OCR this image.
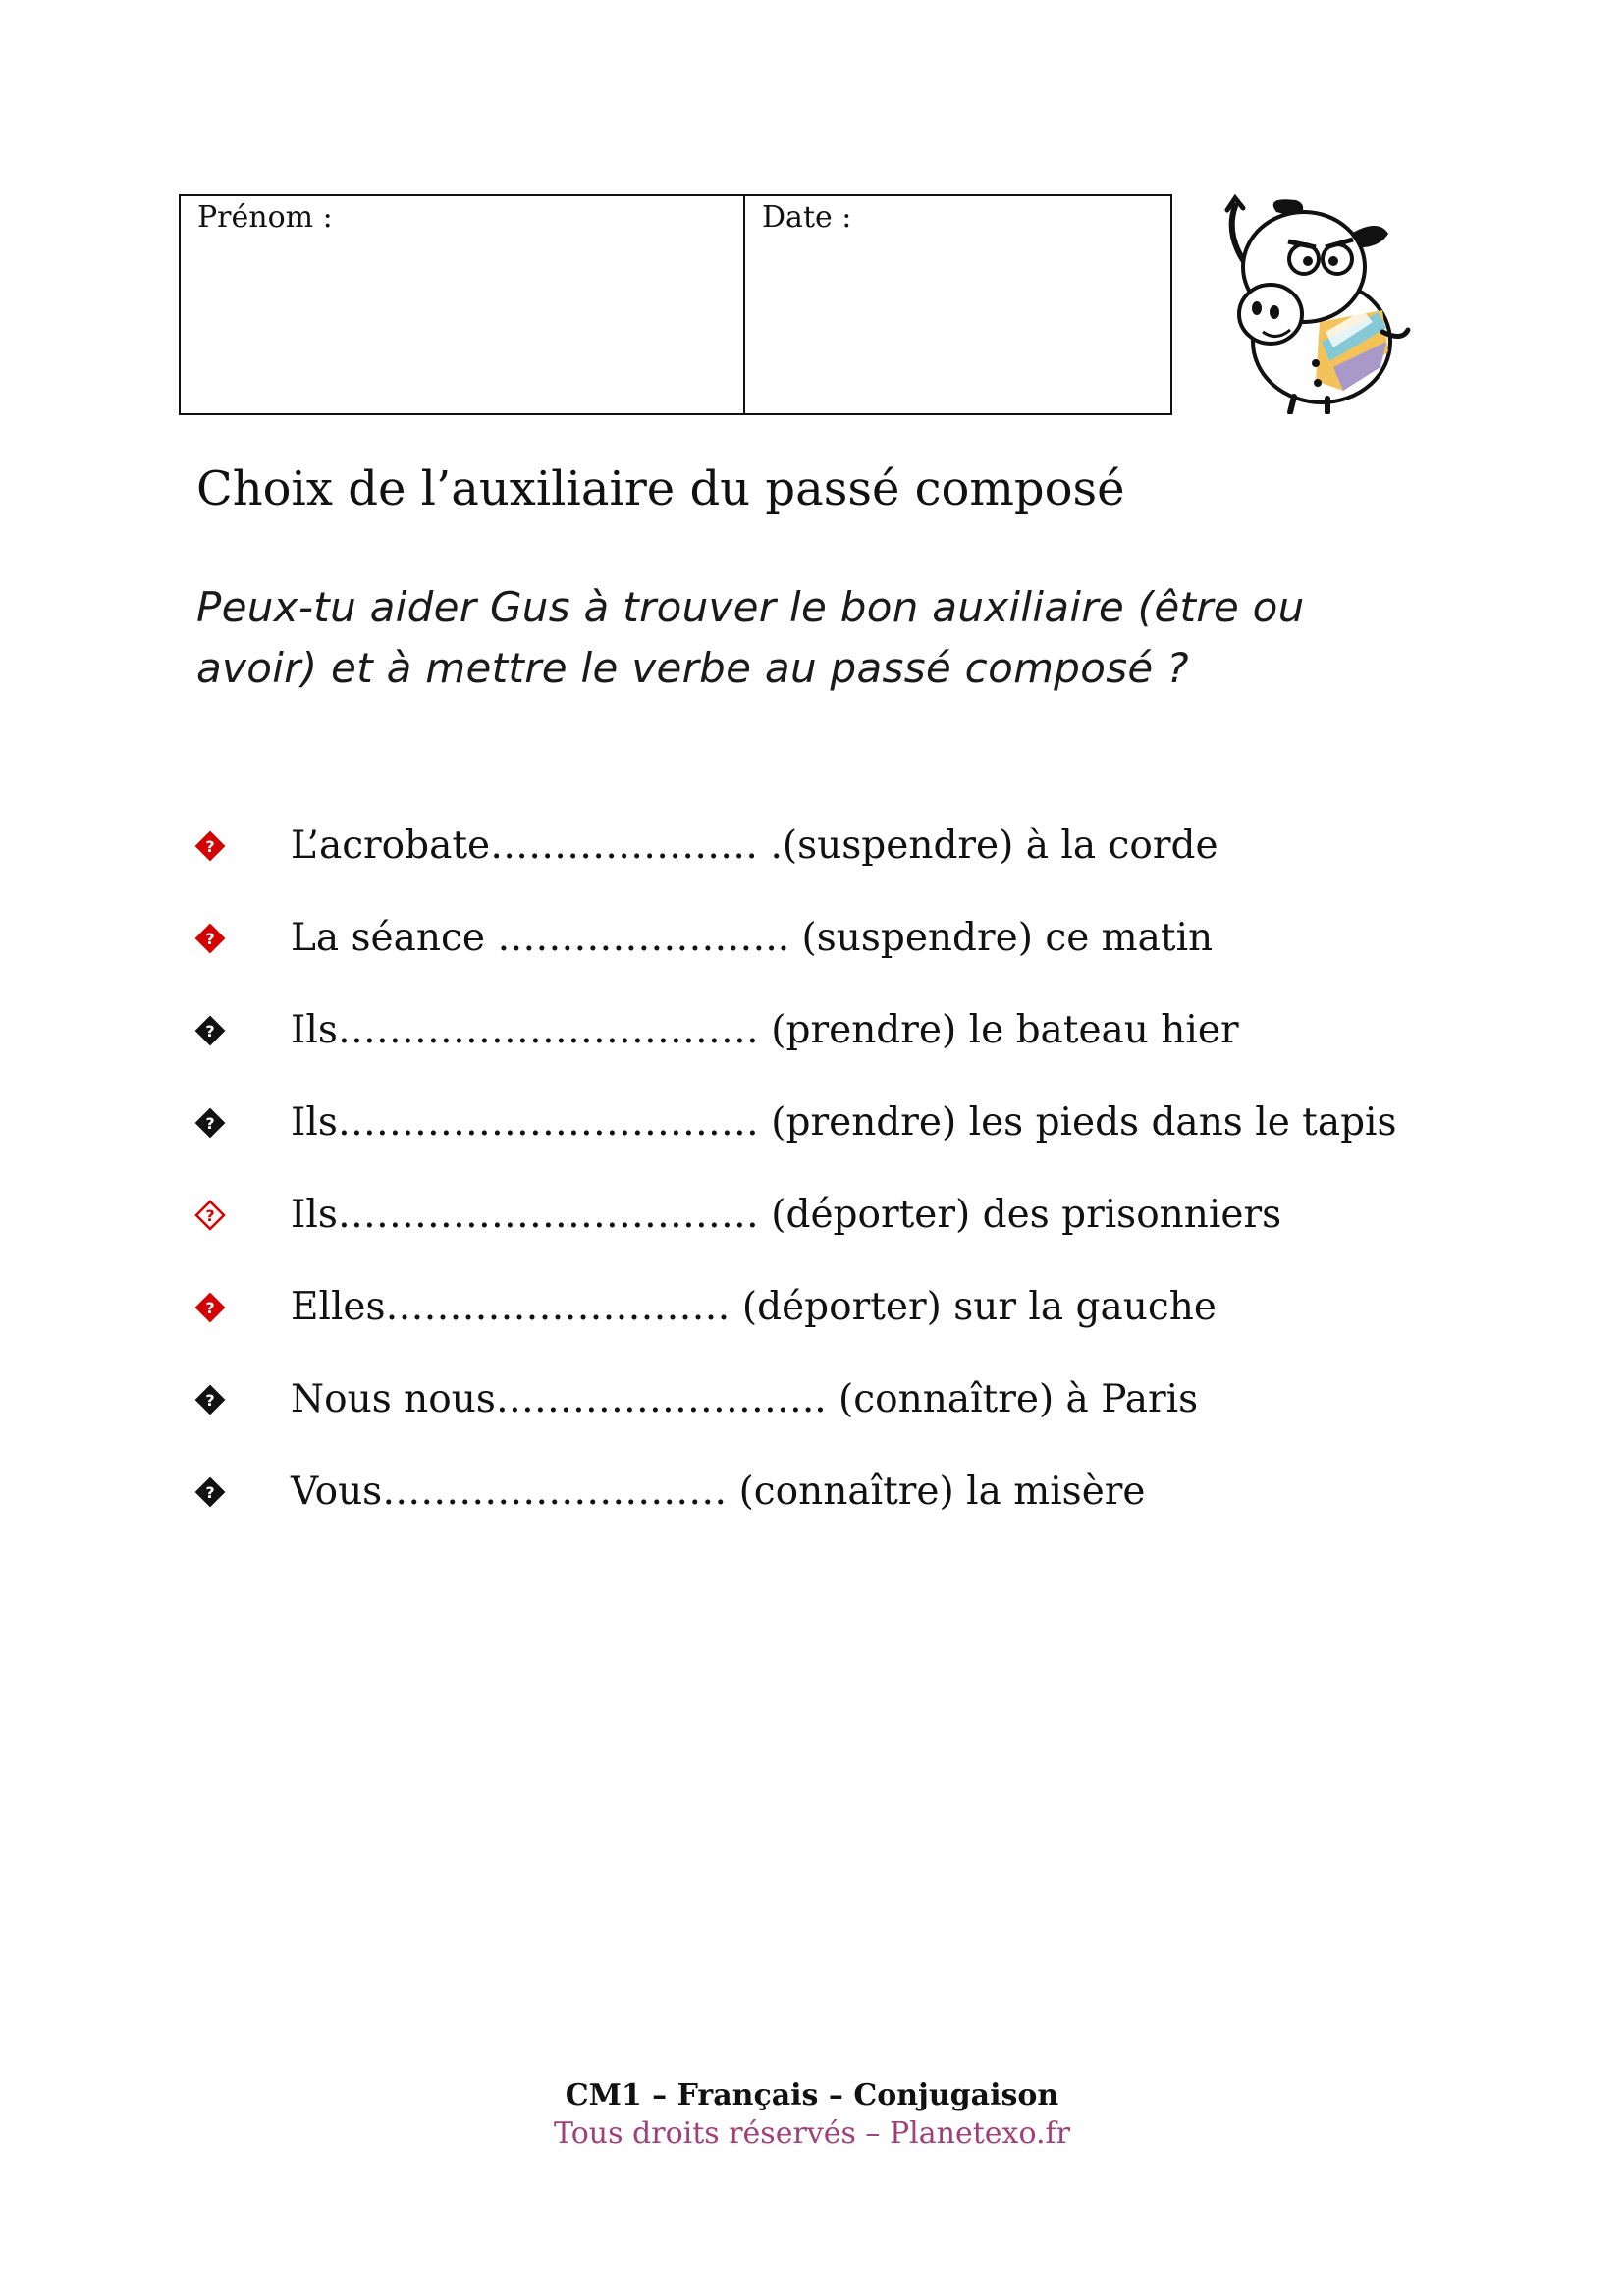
Prénom :	Date :
Choix de l’auxiliaire du passé composé
Peux-tu aider Gus à trouver le bon auxiliaire (être ou avoir) et à mettre le verbe au passé composé ?
? L’acrobate………………… .(suspendre) à la corde
? La séance ………………….. (suspendre) ce matin
? Ils…………………………… (prendre) le bateau hier
? Ils…………………………… (prendre) les pieds dans le tapis
? Ils…………………………… (déporter) des prisonniers
? Elles……………………… (déporter) sur la gauche
? Nous nous…………………….. (connaître) à Paris
? Vous……………………… (connaître) la misère
CM1 – Français – Conjugaison
Tous droits réservés – Planetexo.fr
